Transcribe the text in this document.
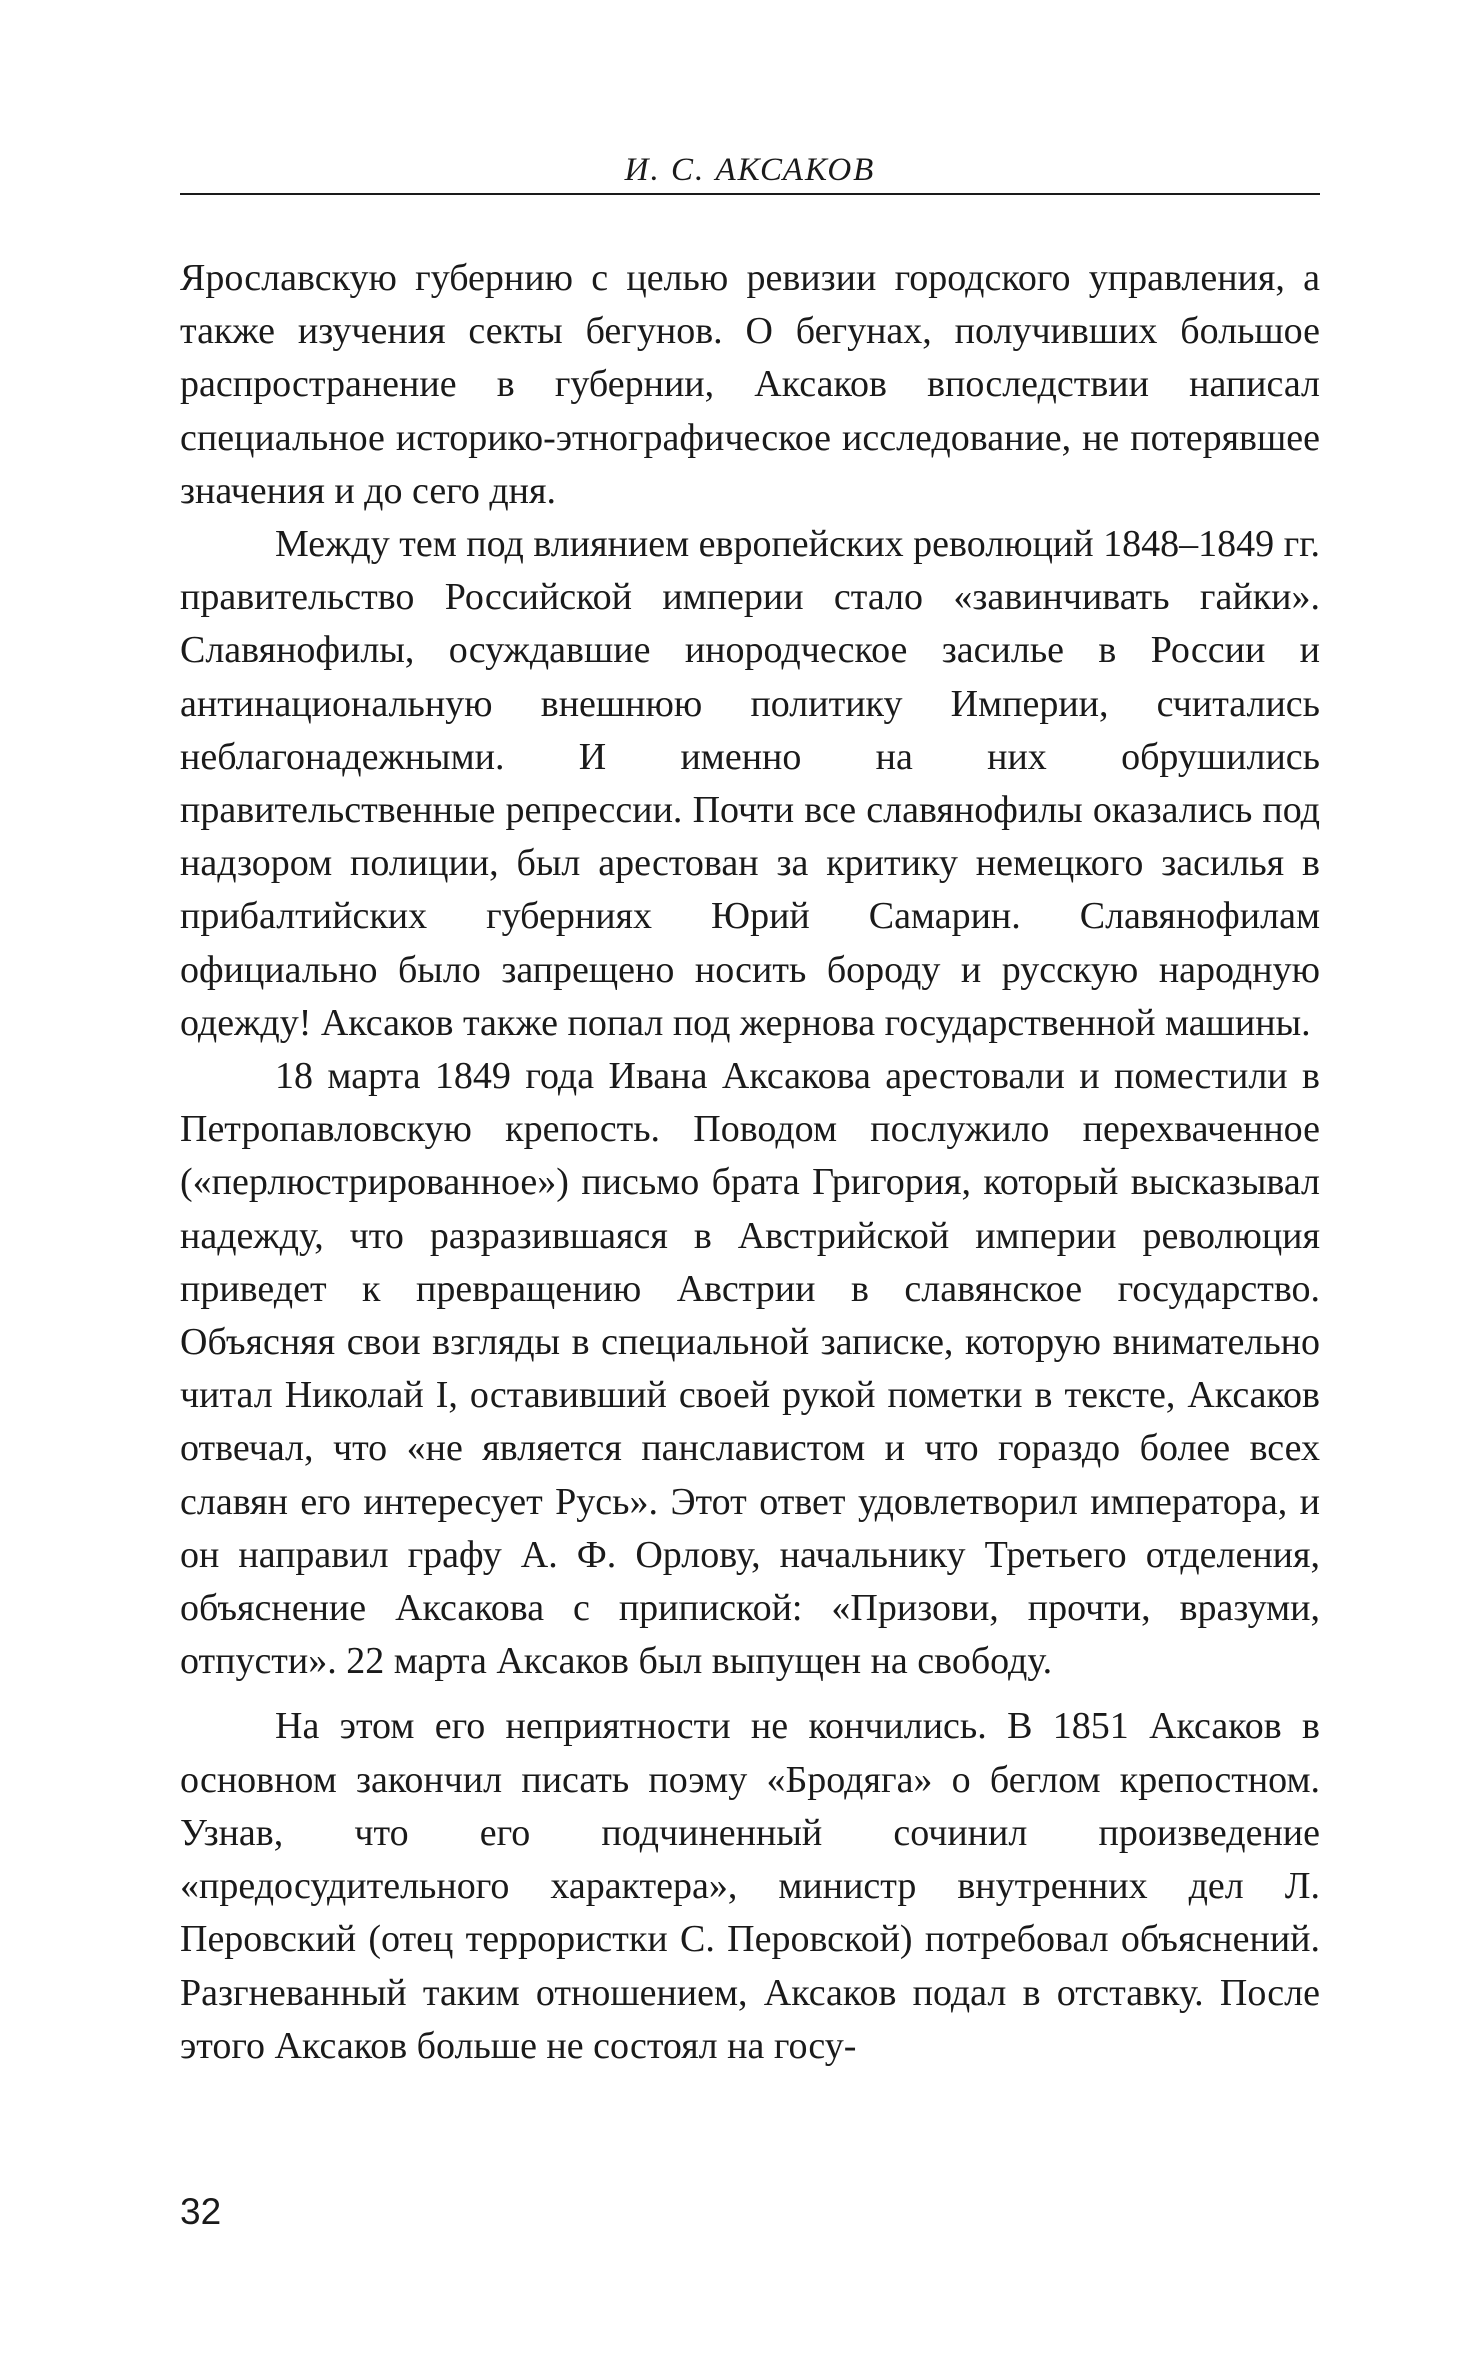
И. С. АКСАКОВ

Ярославскую губернию с целью ревизии городского управления, а также изучения секты бегунов. О бегунах, получивших большое распространение в губернии, Аксаков впоследствии написал специальное историко-этнографическое исследование, не потерявшее значения и до сего дня.

Между тем под влиянием европейских революций 1848–1849 гг. правительство Российской империи стало «завинчивать гайки». Славянофилы, осуждавшие инородческое засилье в России и антинациональную внешнюю политику Империи, считались неблагонадежными. И именно на них обрушились правительственные репрессии. Почти все славянофилы оказались под надзором полиции, был арестован за критику немецкого засилья в прибалтийских губерниях Юрий Самарин. Славянофилам официально было запрещено носить бороду и русскую народную одежду! Аксаков также попал под жернова государственной машины.

18 марта 1849 года Ивана Аксакова арестовали и поместили в Петропавловскую крепость. Поводом послужило перехваченное («перлюстрированное») письмо брата Григория, который высказывал надежду, что разразившаяся в Австрийской империи революция приведет к превращению Австрии в славянское государство. Объясняя свои взгляды в специальной записке, которую внимательно читал Николай I, оставивший своей рукой пометки в тексте, Аксаков отвечал, что «не является панславистом и что гораздо более всех славян его интересует Русь». Этот ответ удовлетворил императора, и он направил графу А. Ф. Орлову, начальнику Третьего отделения, объяснение Аксакова с припиской: «Призови, прочти, вразуми, отпусти». 22 марта Аксаков был выпущен на свободу.

На этом его неприятности не кончились. В 1851 Аксаков в основном закончил писать поэму «Бродяга» о беглом крепостном. Узнав, что его подчиненный сочинил произведение «предосудительного характера», министр внутренних дел Л. Перовский (отец террористки С. Перовской) потребовал объяснений. Разгневанный таким отношением, Аксаков подал в отставку. После этого Аксаков больше не состоял на госу-

32
